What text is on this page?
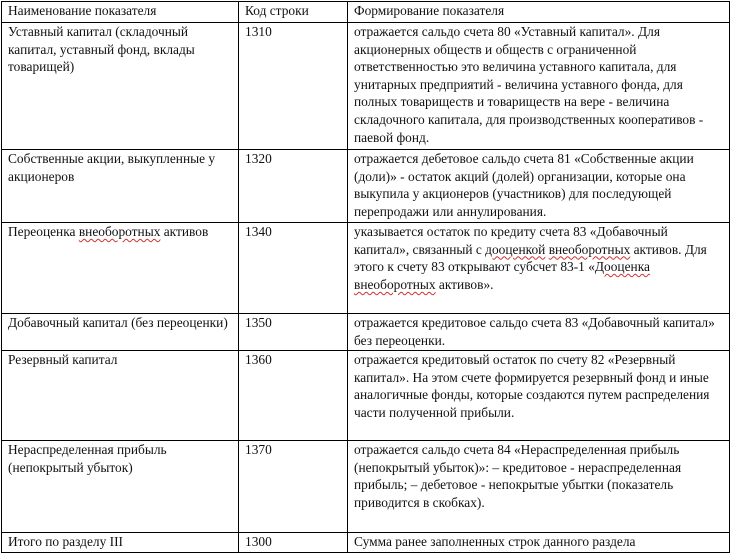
Наименование показателя	Код строки	Формирование показателя
Уставный капитал (складочный капитал, уставный фонд, вклады товарищей)	1310	отражается сальдо счета 80 «Уставный капитал». Для акционерных обществ и обществ с ограниченной ответственностью это величина уставного капитала, для унитарных предприятий - величина уставного фонда, для полных товариществ и товариществ на вере - величина складочного капитала, для производственных кооперативов - паевой фонд.
Собственные акции, выкупленные у акционеров	1320	отражается дебетовое сальдо счета 81 «Собственные акции (доли)» - остаток акций (долей) организации, которые она выкупила у акционеров (участников) для последующей перепродажи или аннулирования.
Переоценка внеоборотных активов	1340	указывается остаток по кредиту счета 83 «Добавочный капитал», связанный с дооценкой внеоборотных активов. Для этого к счету 83 открывают субсчет 83-1 «Дооценка внеоборотных активов».
Добавочный капитал (без переоценки)	1350	отражается кредитовое сальдо счета 83 «Добавочный капитал» без переоценки.
Резервный капитал	1360	отражается кредитовый остаток по счету 82 «Резервный капитал». На этом счете формируется резервный фонд и иные аналогичные фонды, которые создаются путем распределения части полученной прибыли.
Нераспределенная прибыль (непокрытый убыток)	1370	отражается сальдо счета 84 «Нераспределенная прибыль (непокрытый убыток)»: – кредитовое - нераспределенная прибыль; – дебетовое - непокрытые убытки (показатель приводится в скобках).
Итого по разделу III	1300	Сумма ранее заполненных строк данного раздела
